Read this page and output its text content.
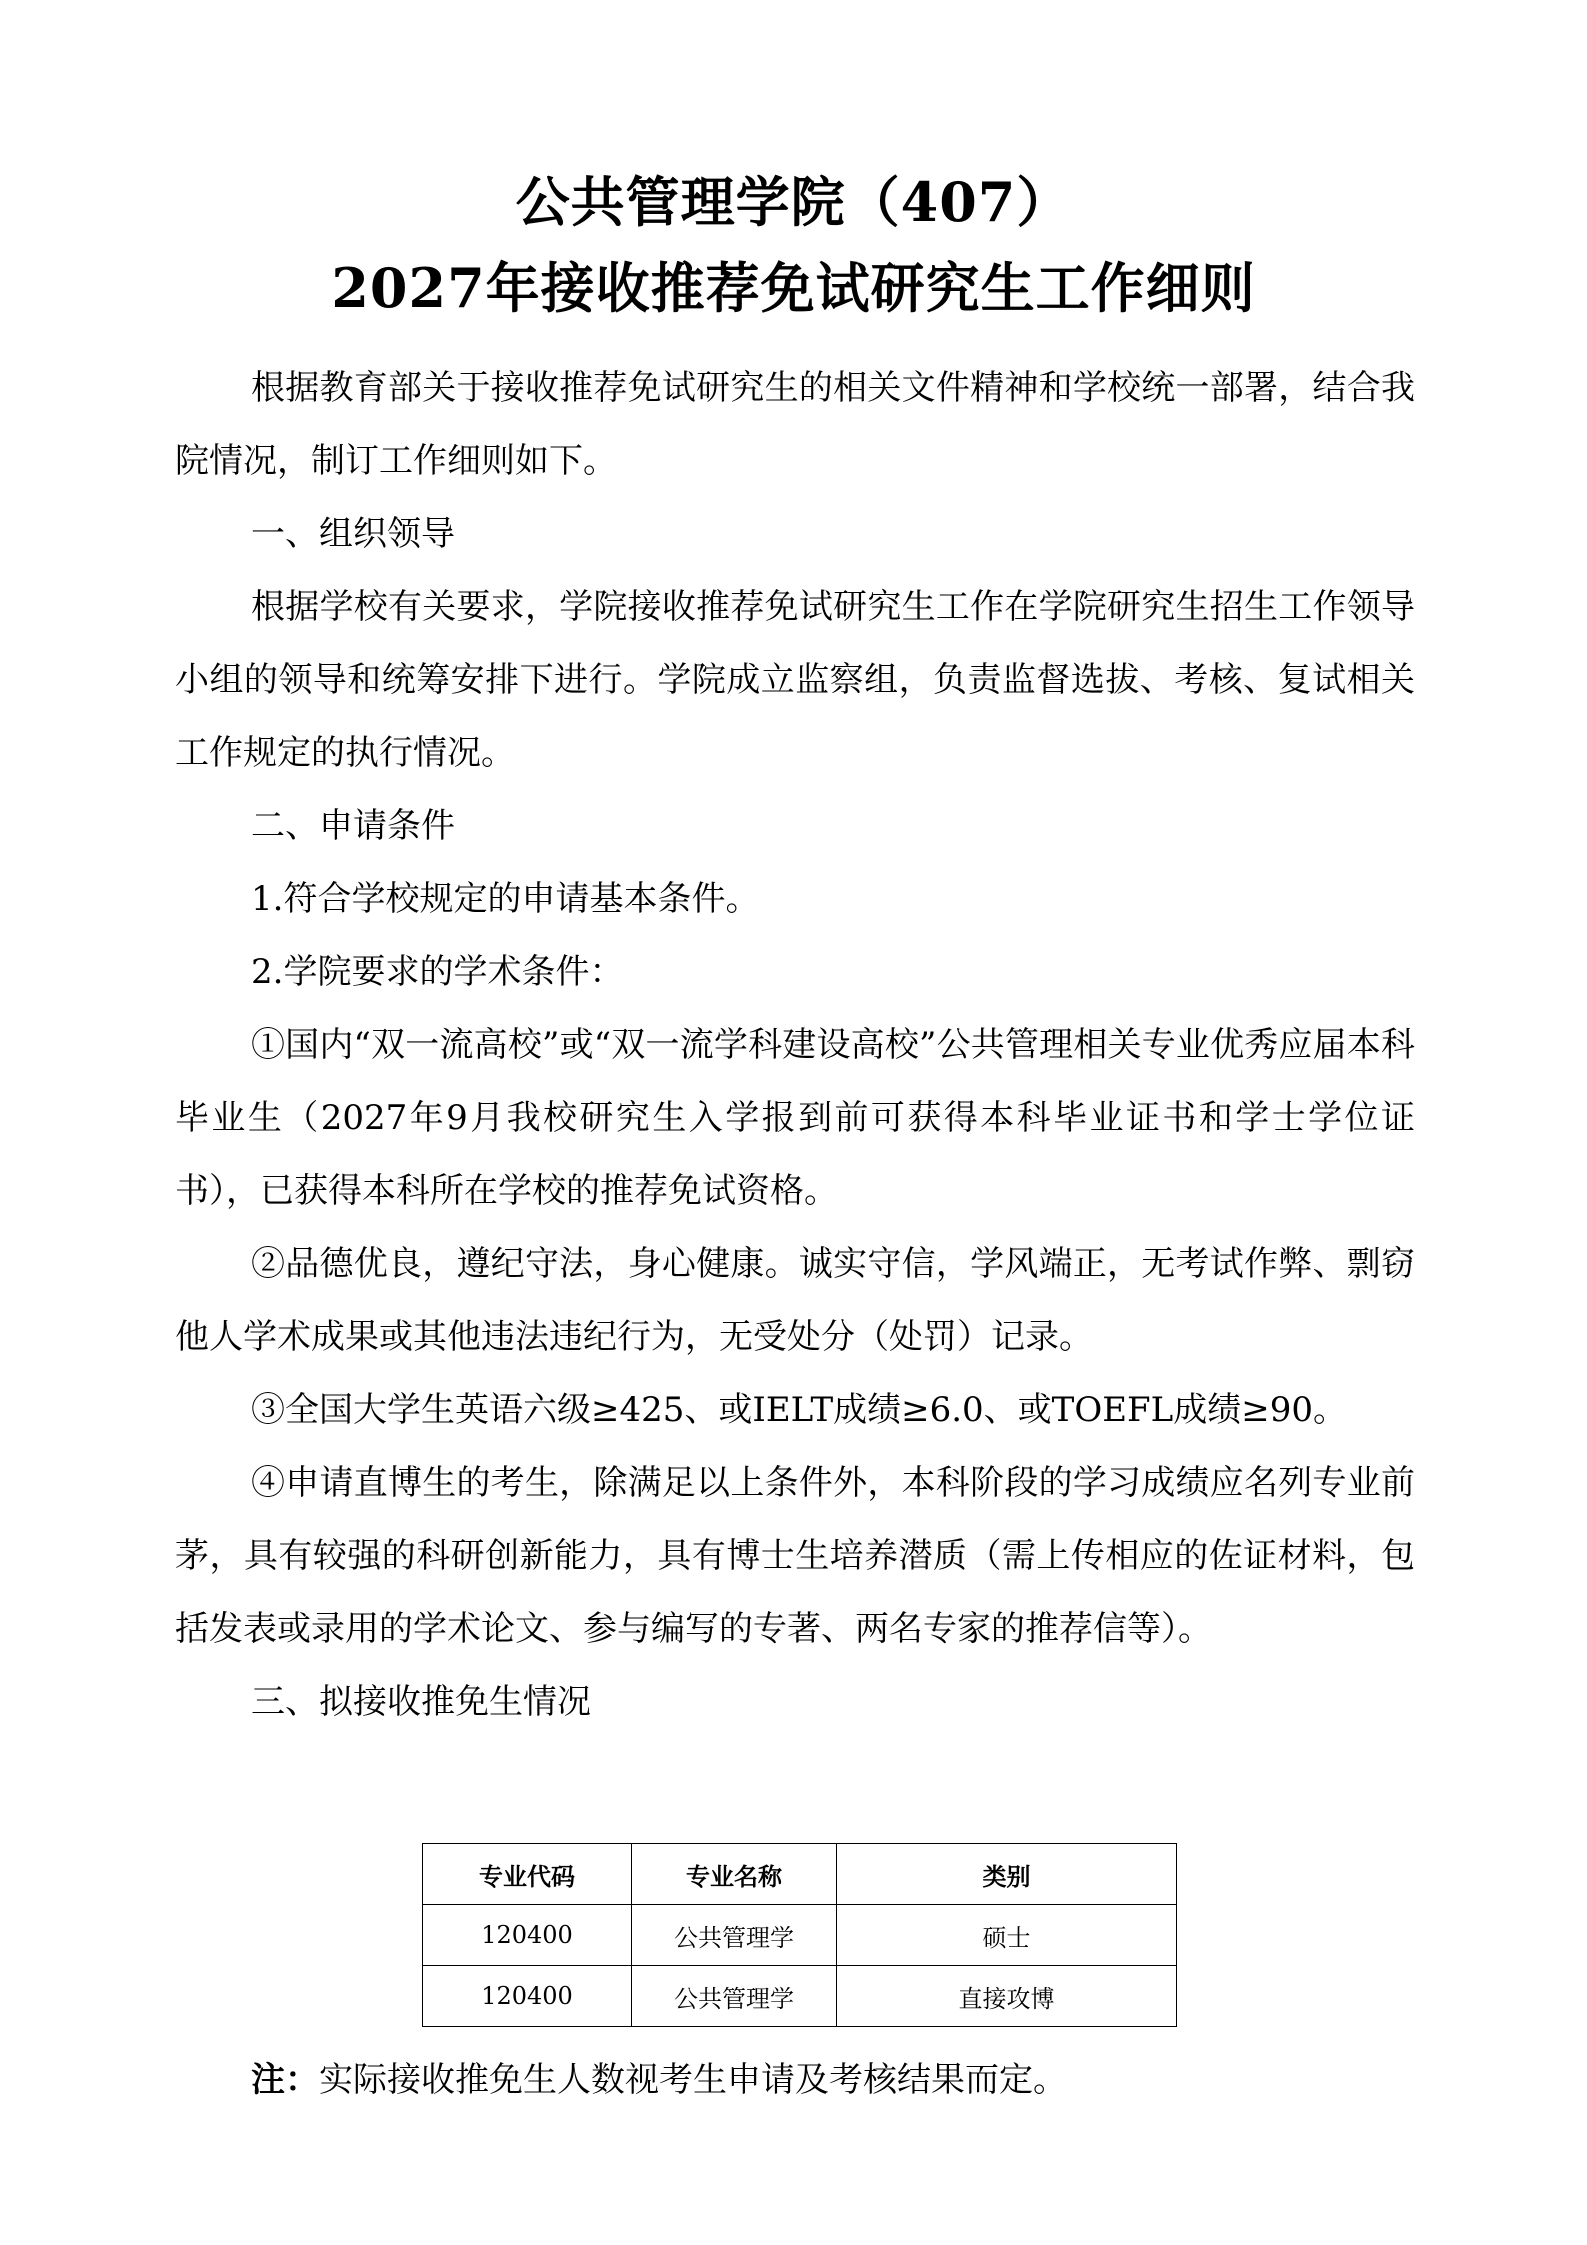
公共管理学院（407）
2027年接收推荐免试研究生工作细则

根据教育部关于接收推荐免试研究生的相关文件精神和学校统一部署，结合我院情况，制订工作细则如下。

一、组织领导

根据学校有关要求，学院接收推荐免试研究生工作在学院研究生招生工作领导小组的领导和统筹安排下进行。学院成立监察组，负责监督选拔、考核、复试相关工作规定的执行情况。

二、申请条件

1.符合学校规定的申请基本条件。

2.学院要求的学术条件：

①国内“双一流高校”或“双一流学科建设高校”公共管理相关专业优秀应届本科毕业生（2027年9月我校研究生入学报到前可获得本科毕业证书和学士学位证书），已获得本科所在学校的推荐免试资格。

②品德优良，遵纪守法，身心健康。诚实守信，学风端正，无考试作弊、剽窃他人学术成果或其他违法违纪行为，无受处分（处罚）记录。

③全国大学生英语六级≥425、或IELT成绩≥6.0、或TOEFL成绩≥90。

④申请直博生的考生，除满足以上条件外，本科阶段的学习成绩应名列专业前茅，具有较强的科研创新能力，具有博士生培养潜质（需上传相应的佐证材料，包括发表或录用的学术论文、参与编写的专著、两名专家的推荐信等）。

三、拟接收推免生情况

专业代码	专业名称	类别
120400	公共管理学	硕士
120400	公共管理学	直接攻博

注：实际接收推免生人数视考生申请及考核结果而定。
